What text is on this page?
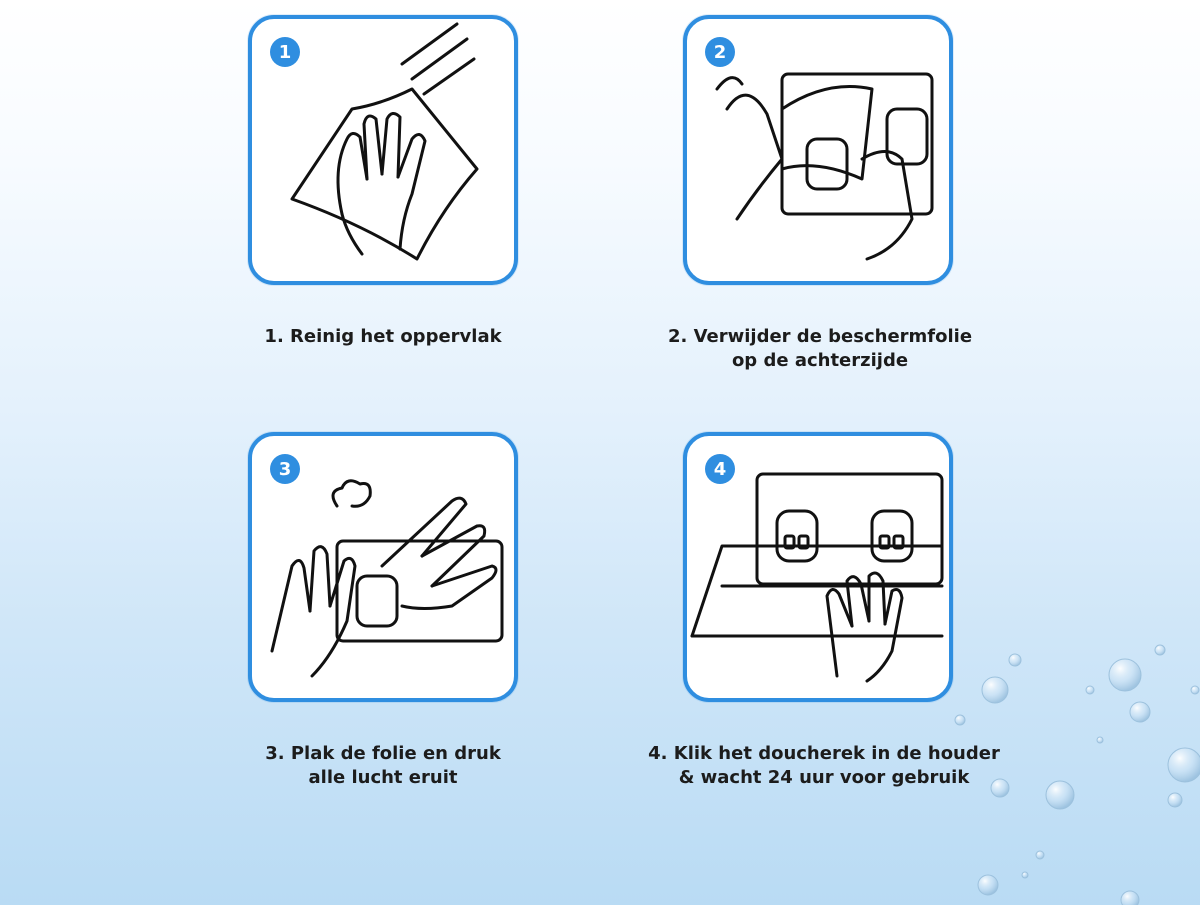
1
1. Reinig het oppervlak
2
2. Verwijder de beschermfolie
op de achterzijde
3
3. Plak de folie en druk
alle lucht eruit
4
4. Klik het doucherek in de houder
& wacht 24 uur voor gebruik
